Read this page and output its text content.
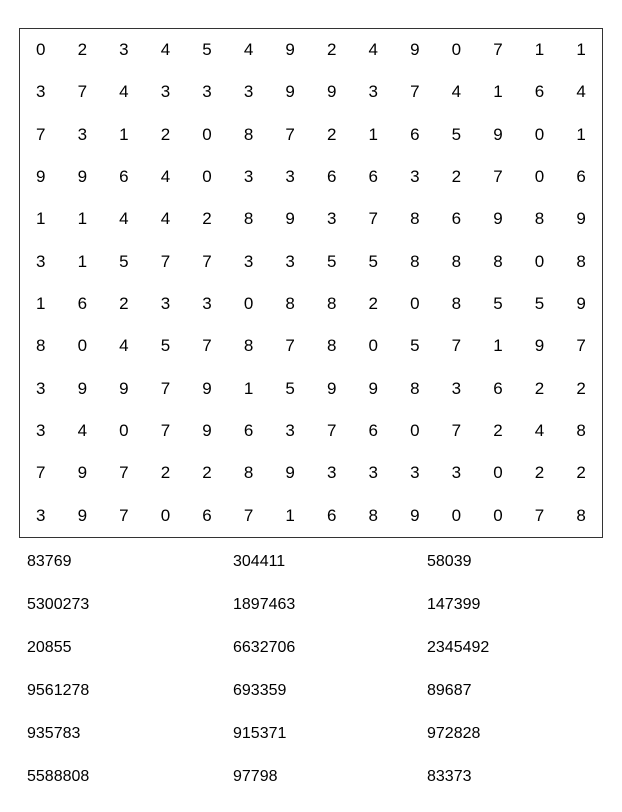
0	2	3	4	5	4	9	2	4	9	0	7	1	1
3	7	4	3	3	3	9	9	3	7	4	1	6	4
7	3	1	2	0	8	7	2	1	6	5	9	0	1
9	9	6	4	0	3	3	6	6	3	2	7	0	6
1	1	4	4	2	8	9	3	7	8	6	9	8	9
3	1	5	7	7	3	3	5	5	8	8	8	0	8
1	6	2	3	3	0	8	8	2	0	8	5	5	9
8	0	4	5	7	8	7	8	0	5	7	1	9	7
3	9	9	7	9	1	5	9	9	8	3	6	2	2
3	4	0	7	9	6	3	7	6	0	7	2	4	8
7	9	7	2	2	8	9	3	3	3	3	0	2	2
3	9	7	0	6	7	1	6	8	9	0	0	7	8
83769	304411	58039
5300273	1897463	147399
20855	6632706	2345492
9561278	693359	89687
935783	915371	972828
5588808	97798	83373
